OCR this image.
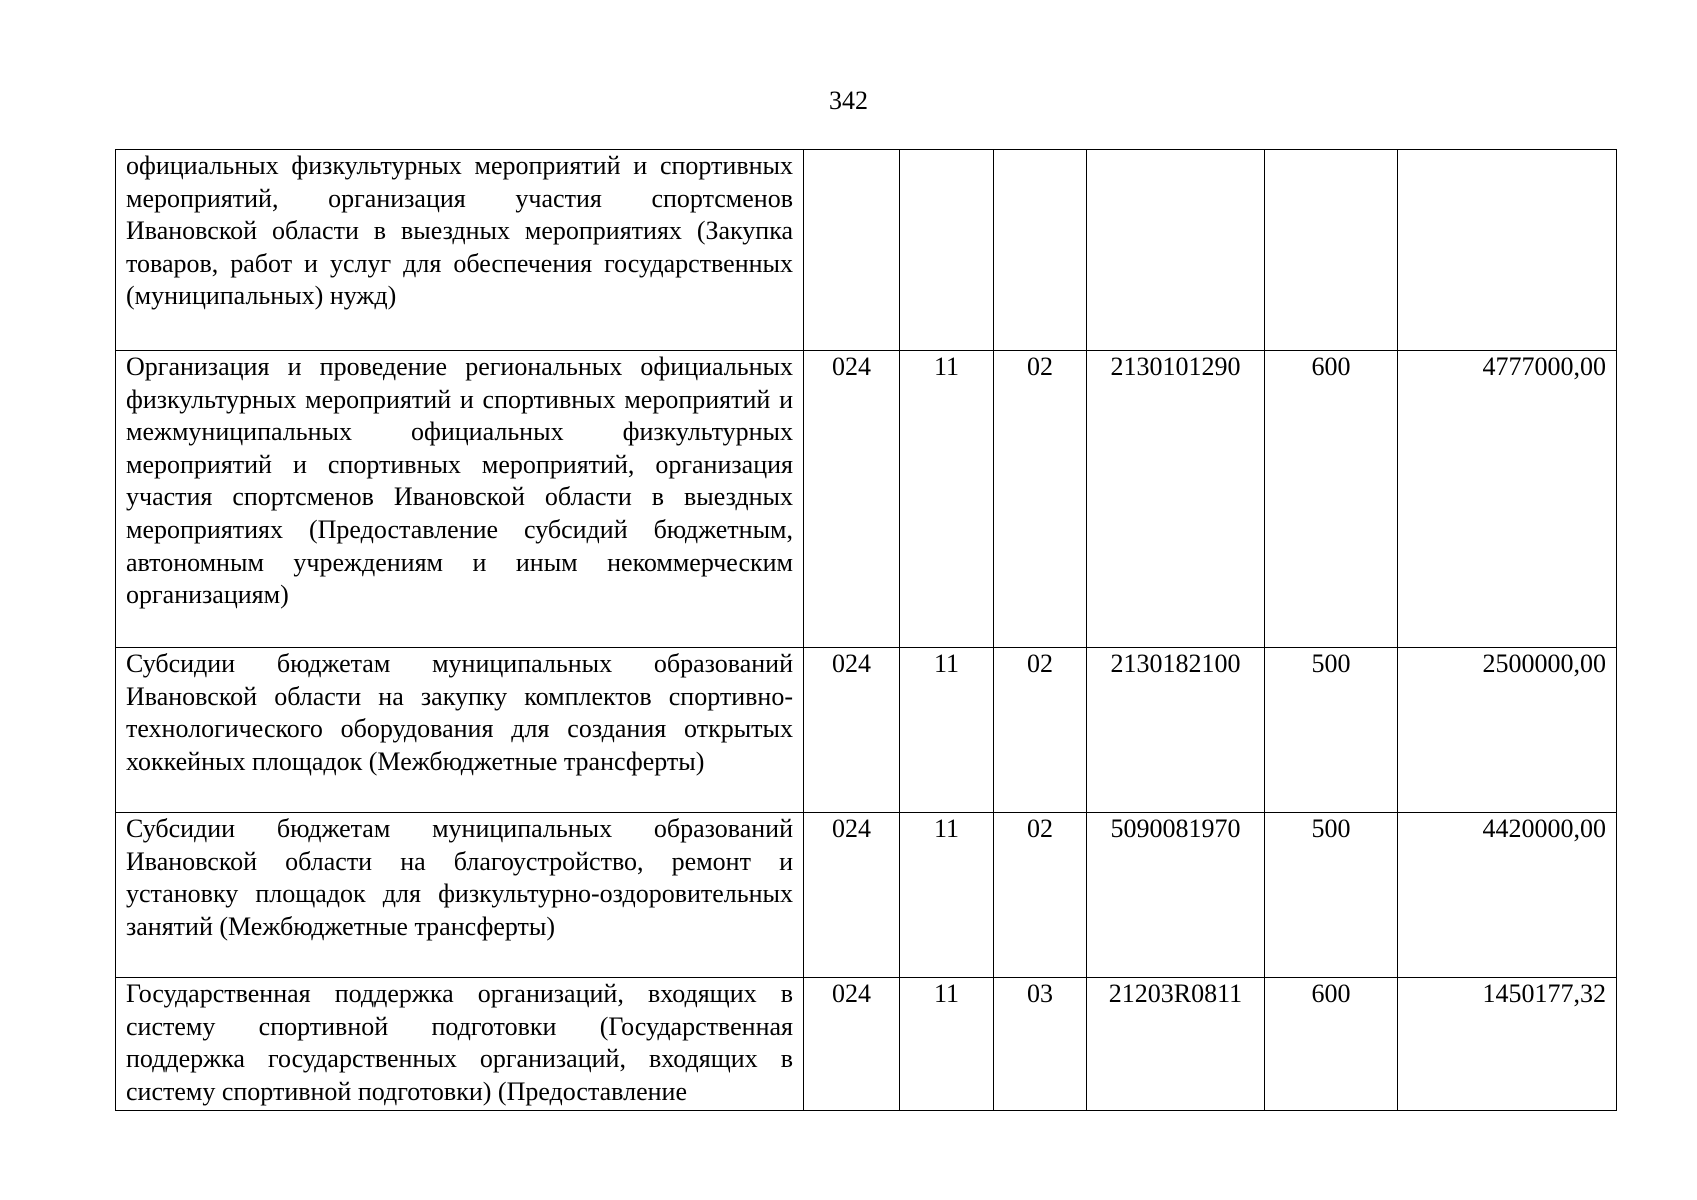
342
официальных физкультурных мероприятий и спортивных мероприятий, организация участия спортсменов Ивановской области в выездных мероприятиях (Закупка товаров, работ и услуг для обеспечения государственных (муниципальных) нужд)						
Организация и проведение региональных официальных физкультурных мероприятий и спортивных мероприятий и межмуниципальных официальных физкультурных мероприятий и спортивных мероприятий, организация участия спортсменов Ивановской области в выездных мероприятиях (Предоставление субсидий бюджетным, автономным учреждениям и иным некоммерческим организациям)	024	11	02	2130101290	600	4777000,00
Субсидии бюджетам муниципальных образований Ивановской области на закупку комплектов спортивно-технологического оборудования для создания открытых хоккейных площадок (Межбюджетные трансферты)	024	11	02	2130182100	500	2500000,00
Субсидии бюджетам муниципальных образований Ивановской области на благоустройство, ремонт и установку площадок для физкультурно-оздоровительных занятий (Межбюджетные трансферты)	024	11	02	5090081970	500	4420000,00
Государственная поддержка организаций, входящих в систему спортивной подготовки (Государственная поддержка государственных организаций, входящих в систему спортивной подготовки) (Предоставление	024	11	03	21203R0811	600	1450177,32
